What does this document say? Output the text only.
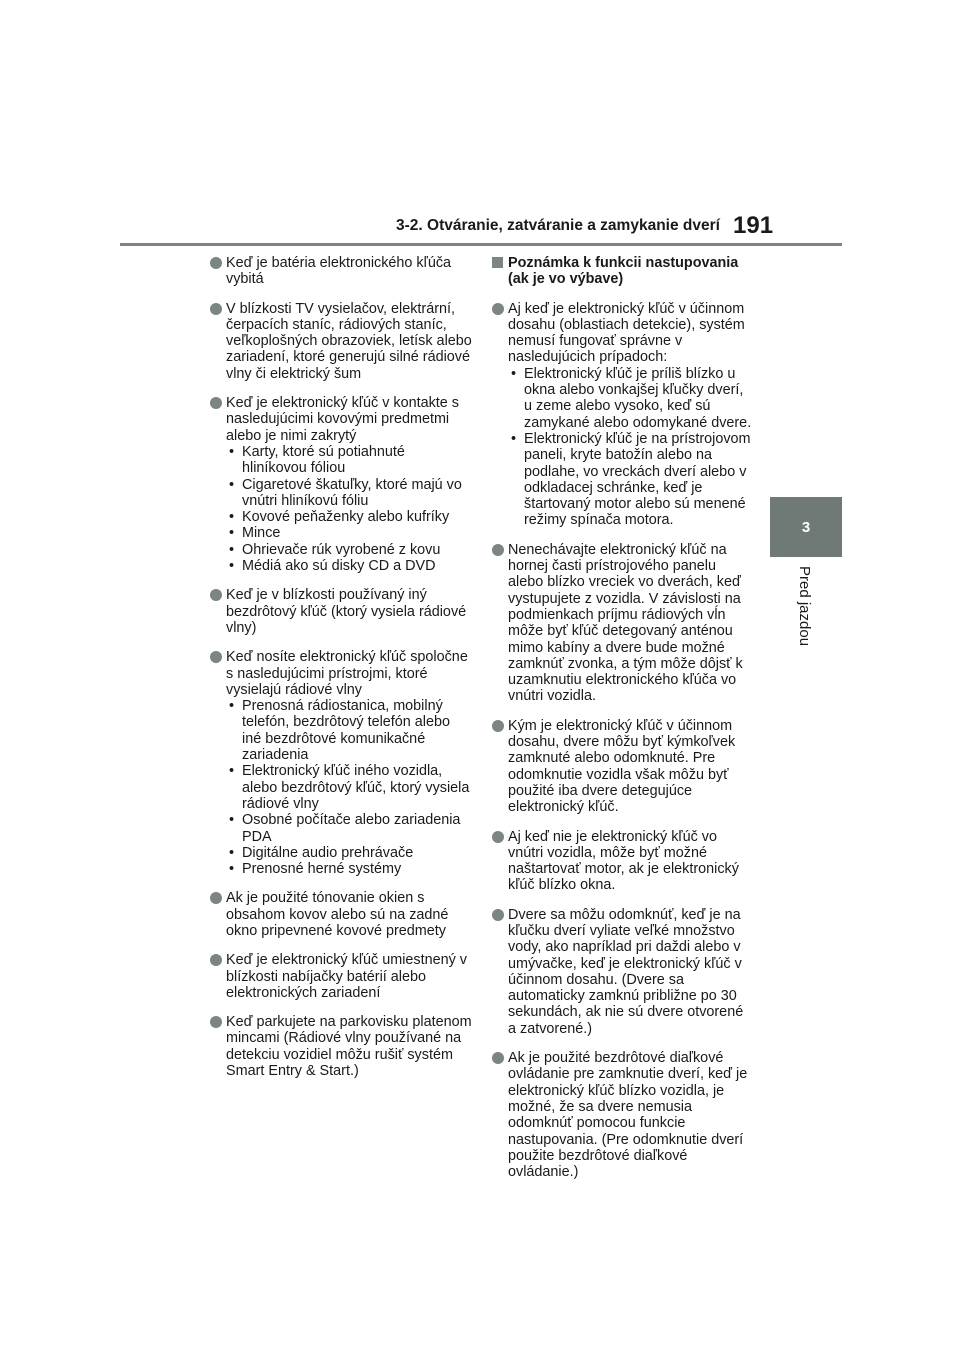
3-2. Otváranie, zatváranie a zamykanie dverí 191
3
Pred jazdou
Keď je batéria elektronického kľúča vybitá
V blízkosti TV vysielačov, elektrární, čerpacích staníc, rádiových staníc, veľkoplošných obrazoviek, letísk alebo zariadení, ktoré generujú silné rádiové vlny či elektrický šum
Keď je elektronický kľúč v kontakte s nasledujúcimi kovovými predmetmi alebo je nimi zakrytý
• Karty, ktoré sú potiahnuté hliníkovou fóliou
• Cigaretové škatuľky, ktoré majú vo vnútri hliníkovú fóliu
• Kovové peňaženky alebo kufríky
• Mince
• Ohrievače rúk vyrobené z kovu
• Médiá ako sú disky CD a DVD
Keď je v blízkosti používaný iný bezdrôtový kľúč (ktorý vysiela rádiové vlny)
Keď nosíte elektronický kľúč spoločne s nasledujúcimi prístrojmi, ktoré vysielajú rádiové vlny
• Prenosná rádiostanica, mobilný telefón, bezdrôtový telefón alebo iné bezdrôtové komunikačné zariadenia
• Elektronický kľúč iného vozidla, alebo bezdrôtový kľúč, ktorý vysiela rádiové vlny
• Osobné počítače alebo zariadenia PDA
• Digitálne audio prehrávače
• Prenosné herné systémy
Ak je použité tónovanie okien s obsahom kovov alebo sú na zadné okno pripevnené kovové predmety
Keď je elektronický kľúč umiestnený v blízkosti nabíjačky batérií alebo elektronických zariadení
Keď parkujete na parkovisku platenom mincami (Rádiové vlny používané na detekciu vozidiel môžu rušiť systém Smart Entry & Start.)
Poznámka k funkcii nastupovania (ak je vo výbave)
Aj keď je elektronický kľúč v účinnom dosahu (oblastiach detekcie), systém nemusí fungovať správne v nasledujúcich prípadoch:
• Elektronický kľúč je príliš blízko u okna alebo vonkajšej kľučky dverí, u zeme alebo vysoko, keď sú zamykané alebo odomykané dvere.
• Elektronický kľúč je na prístrojovom paneli, kryte batožín alebo na podlahe, vo vreckách dverí alebo v odkladacej schránke, keď je štartovaný motor alebo sú menené režimy spínača motora.
Nenechávajte elektronický kľúč na hornej časti prístrojového panelu alebo blízko vreciek vo dverách, keď vystupujete z vozidla. V závislosti na podmienkach príjmu rádiových vĺn môže byť kľúč detegovaný anténou mimo kabíny a dvere bude možné zamknúť zvonka, a tým môže dôjsť k uzamknutiu elektronického kľúča vo vnútri vozidla.
Kým je elektronický kľúč v účinnom dosahu, dvere môžu byť kýmkoľvek zamknuté alebo odomknuté. Pre odomknutie vozidla však môžu byť použité iba dvere detegujúce elektronický kľúč.
Aj keď nie je elektronický kľúč vo vnútri vozidla, môže byť možné naštartovať motor, ak je elektronický kľúč blízko okna.
Dvere sa môžu odomknúť, keď je na kľučku dverí vyliate veľké množstvo vody, ako napríklad pri daždi alebo v umývačke, keď je elektronický kľúč v účinnom dosahu. (Dvere sa automaticky zamknú približne po 30 sekundách, ak nie sú dvere otvorené a zatvorené.)
Ak je použité bezdrôtové diaľkové ovládanie pre zamknutie dverí, keď je elektronický kľúč blízko vozidla, je možné, že sa dvere nemusia odomknúť pomocou funkcie nastupovania. (Pre odomknutie dverí použite bezdrôtové diaľkové ovládanie.)
